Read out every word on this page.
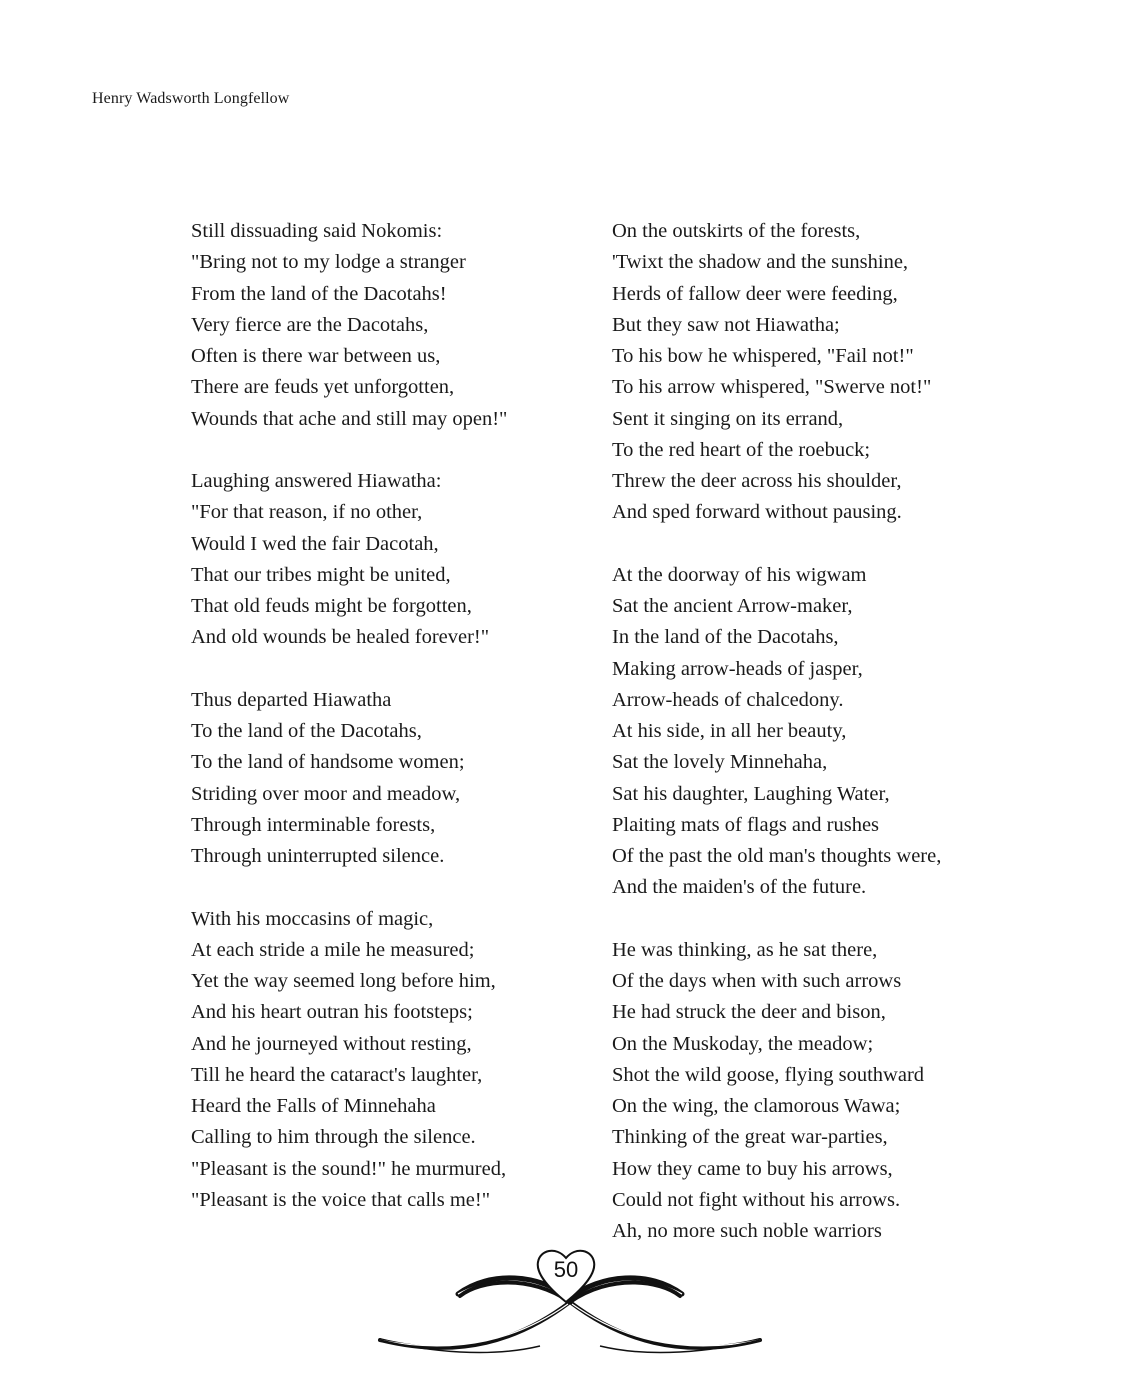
Henry Wadsworth Longfellow
Still dissuading said Nokomis:
"Bring not to my lodge a stranger
From the land of the Dacotahs!
Very fierce are the Dacotahs,
Often is there war between us,
There are feuds yet unforgotten,
Wounds that ache and still may open!"
Laughing answered Hiawatha:
"For that reason, if no other,
Would I wed the fair Dacotah,
That our tribes might be united,
That old feuds might be forgotten,
And old wounds be healed forever!"
Thus departed Hiawatha
To the land of the Dacotahs,
To the land of handsome women;
Striding over moor and meadow,
Through interminable forests,
Through uninterrupted silence.
With his moccasins of magic,
At each stride a mile he measured;
Yet the way seemed long before him,
And his heart outran his footsteps;
And he journeyed without resting,
Till he heard the cataract's laughter,
Heard the Falls of Minnehaha
Calling to him through the silence.
"Pleasant is the sound!" he murmured,
"Pleasant is the voice that calls me!"
On the outskirts of the forests,
'Twixt the shadow and the sunshine,
Herds of fallow deer were feeding,
But they saw not Hiawatha;
To his bow he whispered, "Fail not!"
To his arrow whispered, "Swerve not!"
Sent it singing on its errand,
To the red heart of the roebuck;
Threw the deer across his shoulder,
And sped forward without pausing.
At the doorway of his wigwam
Sat the ancient Arrow-maker,
In the land of the Dacotahs,
Making arrow-heads of jasper,
Arrow-heads of chalcedony.
At his side, in all her beauty,
Sat the lovely Minnehaha,
Sat his daughter, Laughing Water,
Plaiting mats of flags and rushes
Of the past the old man's thoughts were,
And the maiden's of the future.
He was thinking, as he sat there,
Of the days when with such arrows
He had struck the deer and bison,
On the Muskoday, the meadow;
Shot the wild goose, flying southward
On the wing, the clamorous Wawa;
Thinking of the great war-parties,
How they came to buy his arrows,
Could not fight without his arrows.
Ah, no more such noble warriors
50
